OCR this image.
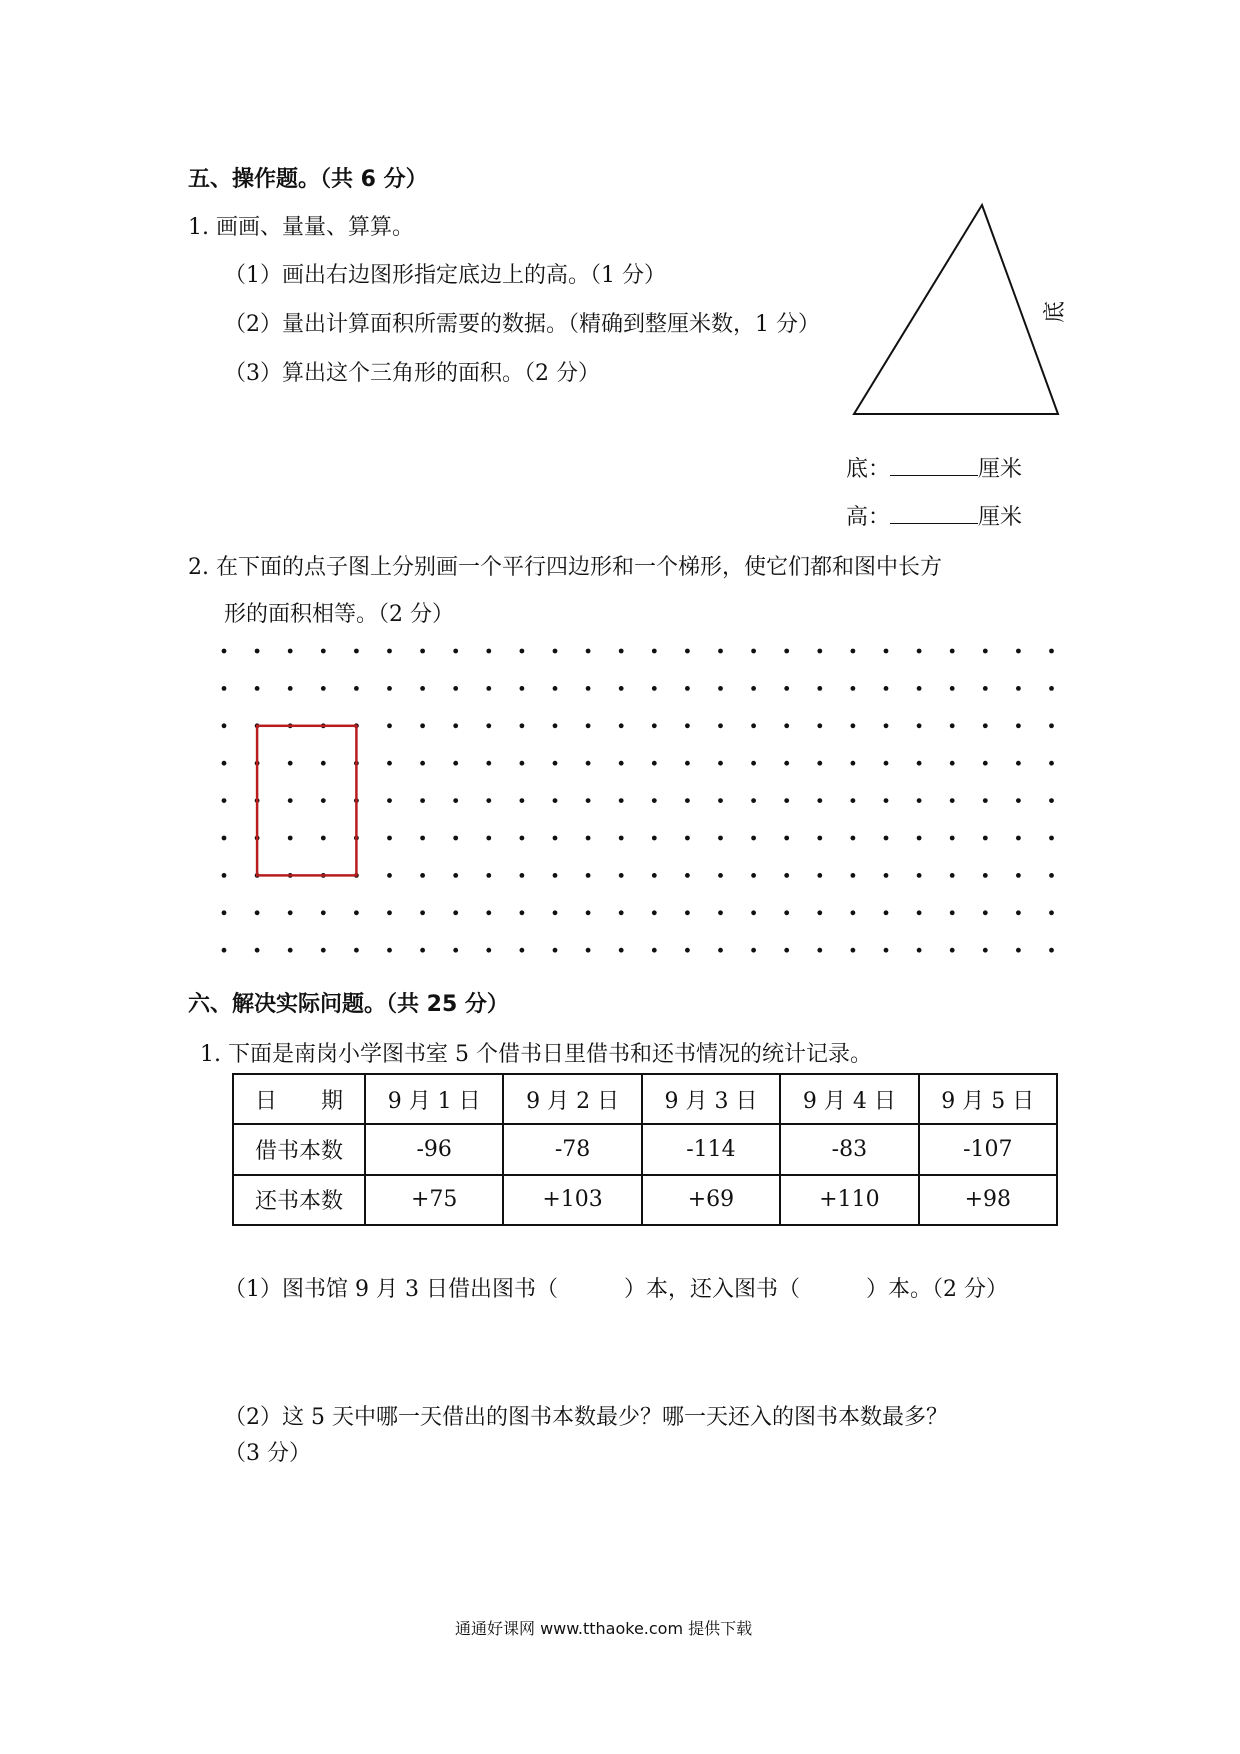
五、操作题。（共 6 分）
1. 画画、量量、算算。
（1）画出右边图形指定底边上的高。（1 分）
（2）量出计算面积所需要的数据。（精确到整厘米数，1 分）
（3）算出这个三角形的面积。（2 分）
底
底：	厘米
高：	厘米
2. 在下面的点子图上分别画一个平行四边形和一个梯形，使它们都和图中长方
形的面积相等。（2 分）
六、解决实际问题。（共 25 分）
1. 下面是南岗小学图书室 5 个借书日里借书和还书情况的统计记录。
日　　期	9 月 1 日	9 月 2 日	9 月 3 日	9 月 4 日	9 月 5 日
借书本数	-96	-78	-114	-83	-107
还书本数	+75	+103	+69	+110	+98
（1）图书馆 9 月 3 日借出图书（　　　）本，还入图书（　　　）本。（2 分）
（2）这 5 天中哪一天借出的图书本数最少？哪一天还入的图书本数最多？
（3 分）
通通好课网 www.tthaoke.com 提供下载
